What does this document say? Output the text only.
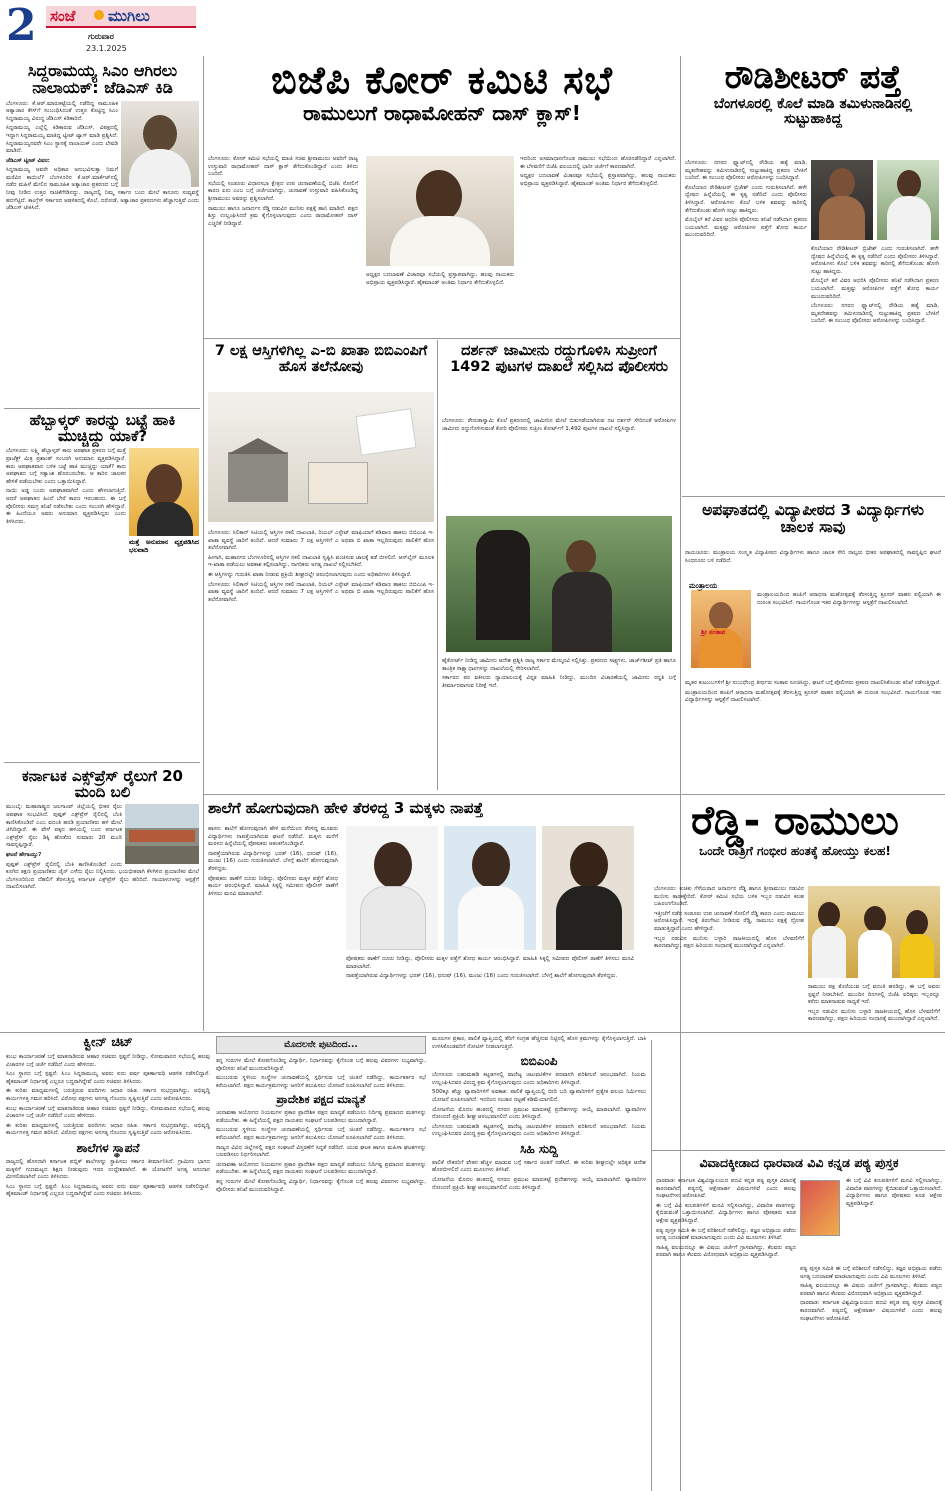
2 ಸಂಜೆ ಮುಗಿಲು
ಗುರುವಾರ
23.1.2025
ಸಿದ್ದರಾಮಯ್ಯ ಸಿಎಂ ಆಗಿರಲು ನಾಲಾಯಕ್: ಜೆಡಿಎಸ್ ಕಿಡಿ

ಬೆಂಗಳೂರು: ಕೆ.ಆರ್.ಮಾರುಕಟ್ಟೆಯಲ್ಲಿ ನಡೆದಿದ್ದ ಸಾಮೂಹಿಕ ಅತ್ಯಾಚಾರ ಕೇಸ್‌ಗೆ ಸಂಬಂಧಿಸಿದಂತೆ ಉತ್ತರ ಕೊಟ್ಟಿದ್ದ ಸಿಎಂ ಸಿದ್ದರಾಮಯ್ಯ ವಿರುದ್ಧ ಜೆಡಿಎಸ್ ಕಿಡಿಕಾರಿದೆ.

ಸಿದ್ದರಾಮಯ್ಯ ಎಲ್ಲೆಲ್ಲಿ ಕಿಡಿಕಾರುವ ಜೆಡಿಎಸ್, ವಿಪಕ್ಷದಲ್ಲಿ ಇದ್ದಾಗ ಸಿದ್ದರಾಮಯ್ಯ ಮಾತಿದ್ದ ಟ್ವೀಟ್ ಟ್ಯಾಗ್ ಮಾಡಿ ಪ್ರಶ್ನಿಸಿದೆ. ಸಿದ್ದರಾಮಯ್ಯನವರೇ ಸಿಎಂ ಸ್ಥಾನಕ್ಕೆ ನಾಲಾಯಕ್ ಎಂದು ಲೇವಡಿ ಮಾಡಿದೆ.

ಜೆಡಿಎಸ್ ಟ್ವೀಟ್ ವಿವರ:

ಸಿದ್ದರಾಮಯ್ಯ ಅವರೇ ಅಧಿಕಾರ ಅನುಭವಿಸುತ್ತಾ ನಿಮಗೆ ಮರೆವಿನ ಕಾಯಿಲೆ? ಬೆಂಗಳೂರಿನ ಕೆ.ಆರ್.ಮಾರ್ಕೆಟ್‌ನಲ್ಲಿ ನಡೆದ ಮಹಿಳೆ ಮೇಲಿನ ಸಾಮೂಹಿಕ ಅತ್ಯಾಚಾರ ಪ್ರಕರಣದ ಬಗ್ಗೆ ನೀವು ನೀಡಿದ ಉತ್ತರ ನಾಚಿಕೆಗೇಡಿನದ್ದು. ರಾಜ್ಯದಲ್ಲಿ ನಿಮ್ಮ ಸರ್ಕಾರ ಬಂದ ಮೇಲೆ ಕಾನೂನು ಸುವ್ಯವಸ್ಥೆ ಹದಗೆಟ್ಟಿದೆ. ಕಾಂಗ್ರೆಸ್ ಸರ್ಕಾರದ ಆಡಳಿತದಲ್ಲಿ ಕೊಲೆ, ದರೋಡೆ, ಅತ್ಯಾಚಾರ ಪ್ರಕರಣಗಳು ಹೆಚ್ಚಾಗುತ್ತಿವೆ ಎಂದು ಜೆಡಿಎಸ್ ಟೀಕಿಸಿದೆ.

ಹೆಬ್ಬಾಳ್ಕರ್ ಕಾರನ್ನು ಬಟ್ಟೆ ಹಾಕಿ ಮುಚ್ಚಿದ್ದು ಯಾಕೆ?
ಮತ್ತೆ ಅನುಮಾನ ವ್ಯಕ್ತಪಡಿಸಿದ ಭಲವಾದಿ

ಬೆಂಗಳೂರು: ಲಕ್ಷ್ಮಿ ಹೆಬ್ಬಾಳ್ಕರ್ ಕಾರು ಅಪಘಾತ ಪ್ರಕರಣ ಬಗ್ಗೆ ಮತ್ತೆ ಪ್ರಾಜೆಕ್ಟ್ ಮಿತ್ರ ಪ್ರಶಾಂತ್ ಸಂಬರಗಿ ಅನುಮಾನ ವ್ಯಕ್ತಪಡಿಸಿದ್ದಾರೆ. ಕಾರು ಅಪಘಾತವಾದ ಬಳಿಕ ಬಟ್ಟೆ ಹಾಕಿ ಮುಚ್ಚಿದ್ದು ಯಾಕೆ? ಕಾರು ಅಪಘಾತದ ಬಗ್ಗೆ ಸತ್ಯಾಂಶ ಹೊರಬರಬೇಕು. ಆ ಕಾರಿನ ಚಾಲಕನ ಹೇಳಿಕೆ ಪಡೆಯಬೇಕು ಎಂದು ಒತ್ತಾಯಿಸಿದ್ದಾರೆ.

ನಾಯಿ ಅಡ್ಡ ಬಂದು ಅಪಘಾತವಾಗಿದೆ ಎಂದು ಹೇಳಲಾಗುತ್ತಿದೆ. ಆದರೆ ಅಪಘಾತದ ಹಿಂದೆ ಬೇರೆ ಕಾರಣ ಇರಬಹುದು. ಈ ಬಗ್ಗೆ ಪೊಲೀಸರು ಸಮಗ್ರ ತನಿಖೆ ನಡೆಸಬೇಕು ಎಂದು ಸಂಬರಗಿ ಹೇಳಿದ್ದಾರೆ. ಈ ಹಿಂದೆಯೂ ಅವರು ಅನುಮಾನ ವ್ಯಕ್ತಪಡಿಸಿದ್ದರು ಎಂದು ತಿಳಿಸಿದರು.

ಕರ್ನಾಟಕ ಎಕ್ಸ್‌ಪ್ರೆಸ್ ರೈಲುಗೆ 20 ಮಂದಿ ಬಲಿ

ಮುಂಬೈ: ಮಹಾರಾಷ್ಟ್ರದ ಜಲಗಾಂವ್ ಜಿಲ್ಲೆಯಲ್ಲಿ ಭೀಕರ ರೈಲು ಅಪಘಾತ ಸಂಭವಿಸಿದೆ. ಪುಷ್ಪಕ್ ಎಕ್ಸ್‌ಪ್ರೆಸ್ ರೈಲಿನಲ್ಲಿ ಬೆಂಕಿ ಕಾಣಿಸಿಕೊಂಡಿದೆ ಎಂಬ ವದಂತಿ ಹರಡಿ ಪ್ರಯಾಣಿಕರು ಹಳಿ ಮೇಲೆ ಜಿಗಿದಿದ್ದಾರೆ. ಈ ವೇಳೆ ಪಕ್ಕದ ಹಳಿಯಲ್ಲಿ ಬಂದ ಕರ್ನಾಟಕ ಎಕ್ಸ್‌ಪ್ರೆಸ್ ರೈಲು ಡಿಕ್ಕಿ ಹೊಡೆದು ಸುಮಾರು 20 ಮಂದಿ ಸಾವನ್ನಪ್ಪಿದ್ದಾರೆ.

ಘಟನೆ ಹೇಗಾಯ್ತು?

ಪುಷ್ಪಕ್ ಎಕ್ಸ್‌ಪ್ರೆಸ್ ರೈಲಿನಲ್ಲಿ ಬೆಂಕಿ ಕಾಣಿಸಿಕೊಂಡಿದೆ ಎಂದು ಕೂಗಿದ ತಕ್ಷಣ ಪ್ರಯಾಣಿಕರು ಚೈನ್ ಎಳೆದು ರೈಲು ನಿಲ್ಲಿಸಿದರು. ಭಯಭೀತರಾಗಿ ಕೆಳಗಿಳಿದ ಪ್ರಯಾಣಿಕರ ಮೇಲೆ ಬೆಂಗಳೂರಿನಿಂದ ದೆಹಲಿಗೆ ತೆರಳುತ್ತಿದ್ದ ಕರ್ನಾಟಕ ಎಕ್ಸ್‌ಪ್ರೆಸ್ ರೈಲು ಹರಿದಿದೆ. ಗಾಯಾಳುಗಳನ್ನು ಆಸ್ಪತ್ರೆಗೆ ದಾಖಲಿಸಲಾಗಿದೆ.

ಬಿಜೆಪಿ ಕೋರ್ ಕಮಿಟಿ ಸಭೆ
ರಾಮುಲುಗೆ ರಾಧಾಮೋಹನ್ ದಾಸ್ ಕ್ಲಾಸ್!

ಬೆಂಗಳೂರು: ಕೋರ್ ಕಮಿಟಿ ಸಭೆಯಲ್ಲಿ ಮಾಜಿ ಸಚಿವ ಶ್ರೀರಾಮುಲು ಅವರಿಗೆ ರಾಜ್ಯ ಉಸ್ತುವಾರಿ ರಾಧಾಮೋಹನ್ ದಾಸ್ ಕ್ಲಾಸ್ ತೆಗೆದುಕೊಂಡಿದ್ದಾರೆ ಎಂದು ತಿಳಿದು ಬಂದಿದೆ.

ಸಭೆಯಲ್ಲಿ ಸಂಡೂರು ವಿಧಾನಸಭಾ ಕ್ಷೇತ್ರದ ಉಪ ಚುನಾವಣೆಯಲ್ಲಿ ಬಿಜೆಪಿ ಸೋಲಿಗೆ ಕಾರಣ ಏನು ಎಂಬ ಬಗ್ಗೆ ಚರ್ಚೆಯಾಗಿದ್ದು, ಚುನಾವಣೆ ಉಸ್ತುವಾರಿ ವಹಿಸಿಕೊಂಡಿದ್ದ ಶ್ರೀರಾಮುಲು ಅವರನ್ನು ಪ್ರಶ್ನಿಸಲಾಗಿದೆ.

ರಾಮುಲು ಹಾಗೂ ಜನಾರ್ದನ ರೆಡ್ಡಿ ನಡುವಿನ ಮುನಿಸು ಪಕ್ಷಕ್ಕೆ ಹಾನಿ ಮಾಡಿದೆ. ಪಕ್ಷದ ಶಿಸ್ತು ಉಲ್ಲಂಘಿಸಿದರೆ ಕ್ರಮ ಕೈಗೊಳ್ಳಲಾಗುವುದು ಎಂದು ರಾಧಾಮೋಹನ್ ದಾಸ್ ಎಚ್ಚರಿಕೆ ನೀಡಿದ್ದಾರೆ.

ಇದರಿಂದ ಅಸಮಾಧಾನಗೊಂಡ ರಾಮುಲು ಸಭೆಯಿಂದ ಹೊರನಡೆದಿದ್ದಾರೆ ಎನ್ನಲಾಗಿದೆ. ಈ ಬೆಳವಣಿಗೆ ಬಿಜೆಪಿ ವಲಯದಲ್ಲಿ ಭಾರೀ ಚರ್ಚೆಗೆ ಕಾರಣವಾಗಿದೆ.

ಅಧ್ಯಕ್ಷರ ಬದಲಾವಣೆ ವಿಚಾರವೂ ಸಭೆಯಲ್ಲಿ ಪ್ರಸ್ತಾಪವಾಗಿದ್ದು, ಹಲವು ನಾಯಕರು ಅಭಿಪ್ರಾಯ ವ್ಯಕ್ತಪಡಿಸಿದ್ದಾರೆ. ಹೈಕಮಾಂಡ್ ಅಂತಿಮ ನಿರ್ಧಾರ ತೆಗೆದುಕೊಳ್ಳಲಿದೆ.

ಅಧ್ಯಕ್ಷರ ಬದಲಾವಣೆ ವಿಚಾರವೂ ಸಭೆಯಲ್ಲಿ ಪ್ರಸ್ತಾಪವಾಗಿದ್ದು, ಹಲವು ನಾಯಕರು ಅಭಿಪ್ರಾಯ ವ್ಯಕ್ತಪಡಿಸಿದ್ದಾರೆ. ಹೈಕಮಾಂಡ್ ಅಂತಿಮ ನಿರ್ಧಾರ ತೆಗೆದುಕೊಳ್ಳಲಿದೆ.

ರೌಡಿಶೀಟರ್ ಪತ್ತೆ
ಬೆಂಗಳೂರಲ್ಲಿ ಕೊಲೆ ಮಾಡಿ ತಮಿಳುನಾಡಿನಲ್ಲಿ ಸುಟ್ಟುಹಾಕಿದ್ದ

ಬೆಂಗಳೂರು: ನಗರದ ಫ್ಲ್ಯಾಟ್‌ನಲ್ಲಿ ರೌಡಿಯ ಹತ್ಯೆ ಮಾಡಿ, ಮೃತದೇಹವನ್ನು ತಮಿಳುನಾಡಿನಲ್ಲಿ ಸುಟ್ಟುಹಾಕಿದ್ದ ಪ್ರಕರಣ ಬೆಳಕಿಗೆ ಬಂದಿದೆ. ಈ ಸಂಬಂಧ ಪೊಲೀಸರು ಆರೋಪಿಗಳನ್ನು ಬಂಧಿಸಿದ್ದಾರೆ.

ಕೊಲೆಯಾದ ರೌಡಿಶೀಟರ್ ಬ್ರಿಜೇಶ್ ಎಂದು ಗುರುತಿಸಲಾಗಿದೆ. ಹಳೇ ದ್ವೇಷದ ಹಿನ್ನೆಲೆಯಲ್ಲಿ ಈ ಕೃತ್ಯ ನಡೆದಿದೆ ಎಂದು ಪೊಲೀಸರು ತಿಳಿಸಿದ್ದಾರೆ. ಆರೋಪಿಗಳು ಕೊಲೆ ಬಳಿಕ ಶವವನ್ನು ಕಾರಿನಲ್ಲಿ ತೆಗೆದುಕೊಂಡು ಹೋಗಿ ಸುಟ್ಟು ಹಾಕಿದ್ದರು.

ಮೊಬೈಲ್ ಕರೆ ವಿವರ ಆಧರಿಸಿ ಪೊಲೀಸರು ತನಿಖೆ ನಡೆಸಿದಾಗ ಪ್ರಕರಣ ಬಯಲಾಗಿದೆ. ಮತ್ತಷ್ಟು ಆರೋಪಿಗಳ ಪತ್ತೆಗೆ ಶೋಧ ಕಾರ್ಯ ಮುಂದುವರಿದಿದೆ.

ಕೊಲೆಯಾದ ರೌಡಿಶೀಟರ್ ಬ್ರಿಜೇಶ್ ಎಂದು ಗುರುತಿಸಲಾಗಿದೆ. ಹಳೇ ದ್ವೇಷದ ಹಿನ್ನೆಲೆಯಲ್ಲಿ ಈ ಕೃತ್ಯ ನಡೆದಿದೆ ಎಂದು ಪೊಲೀಸರು ತಿಳಿಸಿದ್ದಾರೆ. ಆರೋಪಿಗಳು ಕೊಲೆ ಬಳಿಕ ಶವವನ್ನು ಕಾರಿನಲ್ಲಿ ತೆಗೆದುಕೊಂಡು ಹೋಗಿ ಸುಟ್ಟು ಹಾಕಿದ್ದರು.

ಮೊಬೈಲ್ ಕರೆ ವಿವರ ಆಧರಿಸಿ ಪೊಲೀಸರು ತನಿಖೆ ನಡೆಸಿದಾಗ ಪ್ರಕರಣ ಬಯಲಾಗಿದೆ. ಮತ್ತಷ್ಟು ಆರೋಪಿಗಳ ಪತ್ತೆಗೆ ಶೋಧ ಕಾರ್ಯ ಮುಂದುವರಿದಿದೆ.

ಬೆಂಗಳೂರು: ನಗರದ ಫ್ಲ್ಯಾಟ್‌ನಲ್ಲಿ ರೌಡಿಯ ಹತ್ಯೆ ಮಾಡಿ, ಮೃತದೇಹವನ್ನು ತಮಿಳುನಾಡಿನಲ್ಲಿ ಸುಟ್ಟುಹಾಕಿದ್ದ ಪ್ರಕರಣ ಬೆಳಕಿಗೆ ಬಂದಿದೆ. ಈ ಸಂಬಂಧ ಪೊಲೀಸರು ಆರೋಪಿಗಳನ್ನು ಬಂಧಿಸಿದ್ದಾರೆ.

7 ಲಕ್ಷ ಆಸ್ತಿಗಳಿಗಿಲ್ಲ ಎ-ಬಿ ಖಾತಾ ಬಿಬಿಎಂಪಿಗೆ ಹೊಸ ತಲೆನೋವು

ಬೆಂಗಳೂರು: ಸಿಲಿಕಾನ್ ಸಿಟಿಯಲ್ಲಿ ಆಸ್ತಿಗಳ ನಕಲಿ ದಾಖಲಾತಿ, ರಿಯಲ್ ಎಸ್ಟೇಟ್ ಮಾಫಿಯಾಗೆ ಕಡಿವಾಣ ಹಾಕಲು ಬಿಬಿಎಂಪಿ ಇ-ಖಾತಾ ವ್ಯವಸ್ಥೆ ಜಾರಿಗೆ ತಂದಿದೆ. ಆದರೆ ಸುಮಾರು 7 ಲಕ್ಷ ಆಸ್ತಿಗಳಿಗೆ ಎ ಅಥವಾ ಬಿ ಖಾತಾ ಇಲ್ಲದಿರುವುದು ಪಾಲಿಕೆಗೆ ಹೊಸ ತಲೆನೋವಾಗಿದೆ.

ಹೀಗಾಗಿ, ಮಹಾನಗರ ಬೆಂಗಳೂರಿನಲ್ಲಿ ಆಸ್ತಿಗಳ ನಕಲಿ ದಾಖಲಾತಿ ಸೃಷ್ಟಿಸಿ ವಂಚಿಸುವ ಜಾಲಕ್ಕೆ ತಡೆ ಬೀಳಲಿದೆ. ಆನ್‌ಲೈನ್ ಮೂಲಕ ಇ-ಖಾತಾ ಪಡೆಯಲು ಅವಕಾಶ ಕಲ್ಪಿಸಲಾಗಿದ್ದು, ನಾಗರಿಕರು ಅಗತ್ಯ ದಾಖಲೆ ಸಲ್ಲಿಸಬೇಕಿದೆ.

ಈ ಆಸ್ತಿಗಳನ್ನು ಗುರುತಿಸಿ ಖಾತಾ ನೀಡುವ ಪ್ರಕ್ರಿಯೆ ಶೀಘ್ರದಲ್ಲೇ ಆರಂಭಿಸಲಾಗುವುದು ಎಂದು ಅಧಿಕಾರಿಗಳು ತಿಳಿಸಿದ್ದಾರೆ.

ಬೆಂಗಳೂರು: ಸಿಲಿಕಾನ್ ಸಿಟಿಯಲ್ಲಿ ಆಸ್ತಿಗಳ ನಕಲಿ ದಾಖಲಾತಿ, ರಿಯಲ್ ಎಸ್ಟೇಟ್ ಮಾಫಿಯಾಗೆ ಕಡಿವಾಣ ಹಾಕಲು ಬಿಬಿಎಂಪಿ ಇ-ಖಾತಾ ವ್ಯವಸ್ಥೆ ಜಾರಿಗೆ ತಂದಿದೆ. ಆದರೆ ಸುಮಾರು 7 ಲಕ್ಷ ಆಸ್ತಿಗಳಿಗೆ ಎ ಅಥವಾ ಬಿ ಖಾತಾ ಇಲ್ಲದಿರುವುದು ಪಾಲಿಕೆಗೆ ಹೊಸ ತಲೆನೋವಾಗಿದೆ.

ದರ್ಶನ್ ಜಾಮೀನು ರದ್ದುಗೊಳಿಸಿ ಸುಪ್ರೀಂಗೆ 1492 ಪುಟಗಳ ದಾಖಲೆ ಸಲ್ಲಿಸಿದ ಪೊಲೀಸರು

ಬೆಂಗಳೂರು: ರೇಣುಕಾಸ್ವಾಮಿ ಕೊಲೆ ಪ್ರಕರಣದಲ್ಲಿ ಜಾಮೀನಿನ ಮೇಲೆ ಬಿಡುಗಡೆಯಾಗಿರುವ ನಟ ದರ್ಶನ್ ಸೇರಿದಂತೆ ಆರೋಪಿಗಳ ಜಾಮೀನು ರದ್ದುಗೊಳಿಸುವಂತೆ ಕೋರಿ ಪೊಲೀಸರು ಸುಪ್ರೀಂ ಕೋರ್ಟ್‌ಗೆ 1,492 ಪುಟಗಳ ದಾಖಲೆ ಸಲ್ಲಿಸಿದ್ದಾರೆ.

ಹೈಕೋರ್ಟ್ ನೀಡಿದ್ದ ಜಾಮೀನು ಆದೇಶ ಪ್ರಶ್ನಿಸಿ ರಾಜ್ಯ ಸರ್ಕಾರ ಮೇಲ್ಮನವಿ ಸಲ್ಲಿಸಿತ್ತು. ಪ್ರಕರಣದ ಸಾಕ್ಷ್ಯಗಳು, ಚಾರ್ಜ್‌ಶೀಟ್ ಪ್ರತಿ ಹಾಗೂ ತಾಂತ್ರಿಕ ಸಾಕ್ಷ್ಯಾಧಾರಗಳನ್ನು ದಾಖಲೆಯಲ್ಲಿ ಸೇರಿಸಲಾಗಿದೆ.

ಸರ್ಕಾರದ ಪರ ವಕೀಲರು ನ್ಯಾಯಾಲಯಕ್ಕೆ ವಿಸ್ತೃತ ಮಾಹಿತಿ ನೀಡಿದ್ದು, ಮುಂದಿನ ವಿಚಾರಣೆಯಲ್ಲಿ ಜಾಮೀನು ರದ್ದತಿ ಬಗ್ಗೆ ತೀರ್ಮಾನವಾಗುವ ನಿರೀಕ್ಷೆ ಇದೆ.

ಅಪಘಾತದಲ್ಲಿ ವಿದ್ಯಾಪೀಠದ 3 ವಿದ್ಯಾರ್ಥಿಗಳು ಚಾಲಕ ಸಾವು

ರಾಯಚೂರು: ಮಂತ್ರಾಲಯ ಸಂಸ್ಕೃತ ವಿದ್ಯಾಪೀಠದ ವಿದ್ಯಾರ್ಥಿಗಳು ಹಾಗೂ ಚಾಲಕ ಸೇರಿ ನಾಲ್ವರು ಭೀಕರ ಅಪಘಾತದಲ್ಲಿ ಸಾವನ್ನಪ್ಪಿದ ಘಟನೆ ಸಿಂಧನೂರು ಬಳಿ ನಡೆದಿದೆ.

ಮಂತ್ರಾಲಯ
ಶ್ರೀ ಸಂತಾಪ

ಮಂತ್ರಾಲಯದಿಂದ ಹಂಪಿಗೆ ಆರಾಧನಾ ಮಹೋತ್ಸವಕ್ಕೆ ತೆರಳುತ್ತಿದ್ದ ಕ್ರೂಸರ್ ವಾಹನ ಪಲ್ಟಿಯಾಗಿ ಈ ದುರಂತ ಸಂಭವಿಸಿದೆ. ಗಾಯಗೊಂಡ ಇತರ ವಿದ್ಯಾರ್ಥಿಗಳನ್ನು ಆಸ್ಪತ್ರೆಗೆ ದಾಖಲಿಸಲಾಗಿದೆ.

ಮೃತರ ಕುಟುಂಬಗಳಿಗೆ ಶ್ರೀ ಸುಬುಧೇಂದ್ರ ತೀರ್ಥರು ಸಂತಾಪ ಸೂಚಿಸಿದ್ದು, ಘಟನೆ ಬಗ್ಗೆ ಪೊಲೀಸರು ಪ್ರಕರಣ ದಾಖಲಿಸಿಕೊಂಡು ತನಿಖೆ ನಡೆಸುತ್ತಿದ್ದಾರೆ.

ಮಂತ್ರಾಲಯದಿಂದ ಹಂಪಿಗೆ ಆರಾಧನಾ ಮಹೋತ್ಸವಕ್ಕೆ ತೆರಳುತ್ತಿದ್ದ ಕ್ರೂಸರ್ ವಾಹನ ಪಲ್ಟಿಯಾಗಿ ಈ ದುರಂತ ಸಂಭವಿಸಿದೆ. ಗಾಯಗೊಂಡ ಇತರ ವಿದ್ಯಾರ್ಥಿಗಳನ್ನು ಆಸ್ಪತ್ರೆಗೆ ದಾಖಲಿಸಲಾಗಿದೆ.

ಶಾಲೆಗೆ ಹೋಗುವುದಾಗಿ ಹೇಳಿ ತೆರಳಿದ್ದ 3 ಮಕ್ಕಳು ನಾಪತ್ತೆ

ಹಾಸನ: ಶಾಲೆಗೆ ಹೋಗುವುದಾಗಿ ಹೇಳಿ ಮನೆಯಿಂದ ತೆರಳಿದ್ದ ಮೂವರು ವಿದ್ಯಾರ್ಥಿಗಳು ನಾಪತ್ತೆಯಾಗಿರುವ ಘಟನೆ ನಡೆದಿದೆ. ಮಕ್ಕಳು ಮನೆಗೆ ಮರಳದ ಹಿನ್ನೆಲೆಯಲ್ಲಿ ಪೋಷಕರು ಆತಂಕಗೊಂಡಿದ್ದಾರೆ.

ನಾಪತ್ತೆಯಾಗಿರುವ ವಿದ್ಯಾರ್ಥಿಗಳನ್ನು ಭರತ್ (16), ಧನುಷ್ (16), ಮಂಜು (16) ಎಂದು ಗುರುತಿಸಲಾಗಿದೆ. ಬೆಳಗ್ಗೆ ಶಾಲೆಗೆ ಹೋಗುವುದಾಗಿ ತೆರಳಿದ್ದರು.

ಪೋಷಕರು ಠಾಣೆಗೆ ದೂರು ನೀಡಿದ್ದು, ಪೊಲೀಸರು ಮಕ್ಕಳ ಪತ್ತೆಗೆ ಶೋಧ ಕಾರ್ಯ ಆರಂಭಿಸಿದ್ದಾರೆ. ಮಾಹಿತಿ ಸಿಕ್ಕಲ್ಲಿ ಸಮೀಪದ ಪೊಲೀಸ್ ಠಾಣೆಗೆ ತಿಳಿಸಲು ಮನವಿ ಮಾಡಲಾಗಿದೆ.

ಪೋಷಕರು ಠಾಣೆಗೆ ದೂರು ನೀಡಿದ್ದು, ಪೊಲೀಸರು ಮಕ್ಕಳ ಪತ್ತೆಗೆ ಶೋಧ ಕಾರ್ಯ ಆರಂಭಿಸಿದ್ದಾರೆ. ಮಾಹಿತಿ ಸಿಕ್ಕಲ್ಲಿ ಸಮೀಪದ ಪೊಲೀಸ್ ಠಾಣೆಗೆ ತಿಳಿಸಲು ಮನವಿ ಮಾಡಲಾಗಿದೆ.

ನಾಪತ್ತೆಯಾಗಿರುವ ವಿದ್ಯಾರ್ಥಿಗಳನ್ನು ಭರತ್ (16), ಧನುಷ್ (16), ಮಂಜು (16) ಎಂದು ಗುರುತಿಸಲಾಗಿದೆ. ಬೆಳಗ್ಗೆ ಶಾಲೆಗೆ ಹೋಗುವುದಾಗಿ ತೆರಳಿದ್ದರು.

ರೆಡ್ಡಿ- ರಾಮುಲು
ಒಂದೇ ರಾತ್ರಿಗೆ ಗಂಭೀರ ಹಂತಕ್ಕೆ ಹೋಯ್ತು ಕಲಹ!

ಬೆಂಗಳೂರು: ಕುಚಿಕು ಗೆಳೆಯರಾದ ಜನಾರ್ದನ ರೆಡ್ಡಿ ಹಾಗೂ ಶ್ರೀರಾಮುಲು ನಡುವಿನ ಮುನಿಸು ತಾರಕಕ್ಕೇರಿದೆ. ಕೋರ್ ಕಮಿಟಿ ಸಭೆಯ ಬಳಿಕ ಇಬ್ಬರ ನಡುವಿನ ಕಲಹ ಬಹಿರಂಗಗೊಂಡಿದೆ.

ಇತ್ತೀಚೆಗೆ ನಡೆದ ಸಂಡೂರು ಉಪ ಚುನಾವಣೆ ಸೋಲಿಗೆ ರೆಡ್ಡಿ ಕಾರಣ ಎಂದು ರಾಮುಲು ಆರೋಪಿಸಿದ್ದಾರೆ. ಇದಕ್ಕೆ ತಿರುಗೇಟು ನೀಡಿರುವ ರೆಡ್ಡಿ, ರಾಮುಲು ಪಕ್ಷಕ್ಕೆ ದ್ರೋಹ ಮಾಡುತ್ತಿದ್ದಾರೆ ಎಂದು ಹೇಳಿದ್ದಾರೆ.

ಇಬ್ಬರ ನಡುವಿನ ಮುನಿಸು ಬಳ್ಳಾರಿ ರಾಜಕೀಯದಲ್ಲಿ ಹೊಸ ಬೆಳವಣಿಗೆಗೆ ಕಾರಣವಾಗಿದ್ದು, ಪಕ್ಷದ ಹಿರಿಯರು ಸಂಧಾನಕ್ಕೆ ಮುಂದಾಗಿದ್ದಾರೆ ಎನ್ನಲಾಗಿದೆ.

ರಾಮುಲು ಪಕ್ಷ ತೊರೆಯುವ ಬಗ್ಗೆ ವದಂತಿ ಹರಡಿದ್ದು, ಈ ಬಗ್ಗೆ ಅವರು ಸ್ಪಷ್ಟನೆ ನೀಡಬೇಕಿದೆ. ಮುಂದಿನ ದಿನಗಳಲ್ಲಿ ಬಿಜೆಪಿ ವರಿಷ್ಠರು ಇಬ್ಬರನ್ನೂ ಕರೆದು ಮಾತನಾಡುವ ಸಾಧ್ಯತೆ ಇದೆ.

ಇಬ್ಬರ ನಡುವಿನ ಮುನಿಸು ಬಳ್ಳಾರಿ ರಾಜಕೀಯದಲ್ಲಿ ಹೊಸ ಬೆಳವಣಿಗೆಗೆ ಕಾರಣವಾಗಿದ್ದು, ಪಕ್ಷದ ಹಿರಿಯರು ಸಂಧಾನಕ್ಕೆ ಮುಂದಾಗಿದ್ದಾರೆ ಎನ್ನಲಾಗಿದೆ.

ಕ್ವೀನ್ ಚಿಟ್

ಕುಂಭ ಕಾರ್ಯಾಚರಣೆ ಬಗ್ಗೆ ಮಾತನಾಡಿರುವ ಆಹಾರ ಸಚಿವರು ಸ್ಪಷ್ಟನೆ ನೀಡಿದ್ದು, ಸೋಮವಾರದ ಸಭೆಯಲ್ಲಿ ಹಲವು ವಿಚಾರಗಳ ಬಗ್ಗೆ ಚರ್ಚೆ ನಡೆದಿದೆ ಎಂದು ಹೇಳಿದರು.

ಸಿಎಂ ಸ್ಥಾನದ ಬಗ್ಗೆ ಸ್ಪಷ್ಟನೆ: ಸಿಎಂ ಸಿದ್ದರಾಮಯ್ಯ ಅವರು ಐದು ವರ್ಷ ಪೂರ್ಣಾವಧಿ ಆಡಳಿತ ನಡೆಸಲಿದ್ದಾರೆ. ಹೈಕಮಾಂಡ್ ನಿರ್ಧಾರಕ್ಕೆ ಎಲ್ಲರೂ ಬದ್ಧರಾಗಿದ್ದೇವೆ ಎಂದು ಸಚಿವರು ತಿಳಿಸಿದರು.

ಈ ಕುರಿತು ಮಾಧ್ಯಮಗಳಲ್ಲಿ ಬರುತ್ತಿರುವ ವರದಿಗಳು ಆಧಾರ ರಹಿತ. ಸರ್ಕಾರ ಸುಭದ್ರವಾಗಿದ್ದು, ಅಭಿವೃದ್ಧಿ ಕಾರ್ಯಗಳತ್ತ ಗಮನ ಹರಿಸಿದೆ. ವಿರೋಧ ಪಕ್ಷಗಳು ಅನಗತ್ಯ ಗೊಂದಲ ಸೃಷ್ಟಿಸುತ್ತಿವೆ ಎಂದು ಆರೋಪಿಸಿದರು.

ಕುಂಭ ಕಾರ್ಯಾಚರಣೆ ಬಗ್ಗೆ ಮಾತನಾಡಿರುವ ಆಹಾರ ಸಚಿವರು ಸ್ಪಷ್ಟನೆ ನೀಡಿದ್ದು, ಸೋಮವಾರದ ಸಭೆಯಲ್ಲಿ ಹಲವು ವಿಚಾರಗಳ ಬಗ್ಗೆ ಚರ್ಚೆ ನಡೆದಿದೆ ಎಂದು ಹೇಳಿದರು.

ಈ ಕುರಿತು ಮಾಧ್ಯಮಗಳಲ್ಲಿ ಬರುತ್ತಿರುವ ವರದಿಗಳು ಆಧಾರ ರಹಿತ. ಸರ್ಕಾರ ಸುಭದ್ರವಾಗಿದ್ದು, ಅಭಿವೃದ್ಧಿ ಕಾರ್ಯಗಳತ್ತ ಗಮನ ಹರಿಸಿದೆ. ವಿರೋಧ ಪಕ್ಷಗಳು ಅನಗತ್ಯ ಗೊಂದಲ ಸೃಷ್ಟಿಸುತ್ತಿವೆ ಎಂದು ಆರೋಪಿಸಿದರು.

ಶಾಲೆಗಳ ಸ್ಥಾಪನೆ

ರಾಜ್ಯದಲ್ಲಿ ಹೊಸದಾಗಿ ಕರ್ನಾಟಕ ಪಬ್ಲಿಕ್ ಶಾಲೆಗಳನ್ನು ಸ್ಥಾಪಿಸಲು ಸರ್ಕಾರ ತೀರ್ಮಾನಿಸಿದೆ. ಗ್ರಾಮೀಣ ಭಾಗದ ಮಕ್ಕಳಿಗೆ ಗುಣಮಟ್ಟದ ಶಿಕ್ಷಣ ನೀಡುವುದು ಇದರ ಉದ್ದೇಶವಾಗಿದೆ. ಈ ಯೋಜನೆಗೆ ಅಗತ್ಯ ಅನುದಾನ ಮೀಸಲಿಡಲಾಗಿದೆ ಎಂದು ತಿಳಿಸಿದರು.

ಸಿಎಂ ಸ್ಥಾನದ ಬಗ್ಗೆ ಸ್ಪಷ್ಟನೆ: ಸಿಎಂ ಸಿದ್ದರಾಮಯ್ಯ ಅವರು ಐದು ವರ್ಷ ಪೂರ್ಣಾವಧಿ ಆಡಳಿತ ನಡೆಸಲಿದ್ದಾರೆ. ಹೈಕಮಾಂಡ್ ನಿರ್ಧಾರಕ್ಕೆ ಎಲ್ಲರೂ ಬದ್ಧರಾಗಿದ್ದೇವೆ ಎಂದು ಸಚಿವರು ತಿಳಿಸಿದರು.

ಮೊದಲನೇ ಪುಟದಿಂದ...

ತನ್ನ ಗುರುಗಳ ಮೇಲೆ ಕೋಪಗೊಂಡಿದ್ದ ವಿದ್ಯಾರ್ಥಿ, ನಿರ್ಧಾರವನ್ನು ಕೈಗೊಂಡ ಬಗ್ಗೆ ಹಲವು ವಿವರಗಳು ಲಭ್ಯವಾಗಿದ್ದು, ಪೊಲೀಸರು ತನಿಖೆ ಮುಂದುವರಿಸಿದ್ದಾರೆ.

ಮುಂಬರುವ ಸ್ಥಳೀಯ ಸಂಸ್ಥೆಗಳ ಚುನಾವಣೆಯಲ್ಲಿ ಸ್ಪರ್ಧಿಸುವ ಬಗ್ಗೆ ಚಿಂತನೆ ನಡೆದಿದ್ದು, ಕಾರ್ಯಕರ್ತರ ಸಭೆ ಕರೆಯಲಾಗಿದೆ. ಪಕ್ಷದ ಕಾರ್ಯಕ್ರಮಗಳನ್ನು ಜನರಿಗೆ ತಲುಪಿಸಲು ಯೋಜನೆ ರೂಪಿಸಲಾಗಿದೆ ಎಂದು ತಿಳಿಸಿದರು.

ಪ್ರಾದೇಶಿಕ ಪಕ್ಷದ ಮಾನ್ಯತೆ

ಚುನಾವಣಾ ಆಯೋಗದ ನಿಯಮಗಳ ಪ್ರಕಾರ ಪ್ರಾದೇಶಿಕ ಪಕ್ಷದ ಮಾನ್ಯತೆ ಪಡೆಯಲು ನಿರ್ದಿಷ್ಟ ಪ್ರಮಾಣದ ಮತಗಳನ್ನು ಪಡೆಯಬೇಕು. ಈ ಹಿನ್ನೆಲೆಯಲ್ಲಿ ಪಕ್ಷದ ನಾಯಕರು ಸಂಘಟನೆ ಬಲಪಡಿಸಲು ಮುಂದಾಗಿದ್ದಾರೆ.

ಮುಂಬರುವ ಸ್ಥಳೀಯ ಸಂಸ್ಥೆಗಳ ಚುನಾವಣೆಯಲ್ಲಿ ಸ್ಪರ್ಧಿಸುವ ಬಗ್ಗೆ ಚಿಂತನೆ ನಡೆದಿದ್ದು, ಕಾರ್ಯಕರ್ತರ ಸಭೆ ಕರೆಯಲಾಗಿದೆ. ಪಕ್ಷದ ಕಾರ್ಯಕ್ರಮಗಳನ್ನು ಜನರಿಗೆ ತಲುಪಿಸಲು ಯೋಜನೆ ರೂಪಿಸಲಾಗಿದೆ ಎಂದು ತಿಳಿಸಿದರು.

ರಾಜ್ಯದ ವಿವಿಧ ಜಿಲ್ಲೆಗಳಲ್ಲಿ ಪಕ್ಷದ ಸಂಘಟನೆ ವಿಸ್ತರಣೆಗೆ ಸಿದ್ಧತೆ ನಡೆದಿದೆ. ಯುವ ಘಟಕ ಹಾಗೂ ಮಹಿಳಾ ಘಟಕಗಳನ್ನು ಬಲಪಡಿಸಲು ನಿರ್ಧರಿಸಲಾಗಿದೆ.

ಚುನಾವಣಾ ಆಯೋಗದ ನಿಯಮಗಳ ಪ್ರಕಾರ ಪ್ರಾದೇಶಿಕ ಪಕ್ಷದ ಮಾನ್ಯತೆ ಪಡೆಯಲು ನಿರ್ದಿಷ್ಟ ಪ್ರಮಾಣದ ಮತಗಳನ್ನು ಪಡೆಯಬೇಕು. ಈ ಹಿನ್ನೆಲೆಯಲ್ಲಿ ಪಕ್ಷದ ನಾಯಕರು ಸಂಘಟನೆ ಬಲಪಡಿಸಲು ಮುಂದಾಗಿದ್ದಾರೆ.

ತನ್ನ ಗುರುಗಳ ಮೇಲೆ ಕೋಪಗೊಂಡಿದ್ದ ವಿದ್ಯಾರ್ಥಿ, ನಿರ್ಧಾರವನ್ನು ಕೈಗೊಂಡ ಬಗ್ಗೆ ಹಲವು ವಿವರಗಳು ಲಭ್ಯವಾಗಿದ್ದು, ಪೊಲೀಸರು ತನಿಖೆ ಮುಂದುವರಿಸಿದ್ದಾರೆ.

ಮೂಲಗಳ ಪ್ರಕಾರ, ಪಾಲಿಕೆ ವ್ಯಾಪ್ತಿಯಲ್ಲಿ ತೆರಿಗೆ ಸಂಗ್ರಹ ಹೆಚ್ಚಿಸುವ ನಿಟ್ಟಿನಲ್ಲಿ ಹೊಸ ಕ್ರಮಗಳನ್ನು ಕೈಗೊಳ್ಳಲಾಗುತ್ತಿದೆ. ಬಾಕಿ ಉಳಿಸಿಕೊಂಡವರಿಗೆ ನೋಟಿಸ್ ನೀಡಲಾಗುತ್ತಿದೆ.

ಬಿಬಿಎಂಪಿ

ಬೆಂಗಳೂರು ಬಹುಮಹಡಿ ಕಟ್ಟಡಗಳಲ್ಲಿ ವಾಣಿಜ್ಯ ಚಟುವಟಿಕೆಗಳ ಪರವಾನಗಿ ಪರಿಶೀಲನೆ ಆರಂಭವಾಗಿದೆ. ನಿಯಮ ಉಲ್ಲಂಘಿಸಿದವರ ವಿರುದ್ಧ ಕ್ರಮ ಕೈಗೊಳ್ಳಲಾಗುವುದು ಎಂದು ಅಧಿಕಾರಿಗಳು ತಿಳಿಸಿದ್ದಾರೆ.

500ಕ್ಕೂ ಹೆಚ್ಚು ವ್ಯಾಪಾರಿಗಳಿಗೆ ಅವಕಾಶ: ಪಾಲಿಕೆ ವ್ಯಾಪ್ತಿಯಲ್ಲಿ ಬೀದಿ ಬದಿ ವ್ಯಾಪಾರಿಗಳಿಗೆ ಪ್ರತ್ಯೇಕ ವಲಯ ನಿರ್ಮಿಸಲು ಯೋಜನೆ ರೂಪಿಸಲಾಗಿದೆ. ಇದರಿಂದ ಸಂಚಾರ ದಟ್ಟಣೆ ಕಡಿಮೆಯಾಗಲಿದೆ.

ಯೋಜನೆಯ ಮೊದಲ ಹಂತದಲ್ಲಿ ನಗರದ ಪ್ರಮುಖ ಮಾರುಕಟ್ಟೆ ಪ್ರದೇಶಗಳನ್ನು ಆಯ್ಕೆ ಮಾಡಲಾಗಿದೆ. ವ್ಯಾಪಾರಿಗಳ ನೋಂದಣಿ ಪ್ರಕ್ರಿಯೆ ಶೀಘ್ರ ಆರಂಭವಾಗಲಿದೆ ಎಂದು ತಿಳಿಸಿದ್ದಾರೆ.

ಬೆಂಗಳೂರು ಬಹುಮಹಡಿ ಕಟ್ಟಡಗಳಲ್ಲಿ ವಾಣಿಜ್ಯ ಚಟುವಟಿಕೆಗಳ ಪರವಾನಗಿ ಪರಿಶೀಲನೆ ಆರಂಭವಾಗಿದೆ. ನಿಯಮ ಉಲ್ಲಂಘಿಸಿದವರ ವಿರುದ್ಧ ಕ್ರಮ ಕೈಗೊಳ್ಳಲಾಗುವುದು ಎಂದು ಅಧಿಕಾರಿಗಳು ತಿಳಿಸಿದ್ದಾರೆ.

ಸಿಹಿ ಸುದ್ದಿ

ಪಾಲಿಕೆ ನೌಕರರಿಗೆ ವೇತನ ಹೆಚ್ಚಳ ಮಾಡುವ ಬಗ್ಗೆ ಸರ್ಕಾರ ಚಿಂತನೆ ನಡೆಸಿದೆ. ಈ ಕುರಿತು ಶೀಘ್ರದಲ್ಲೇ ಅಧಿಕೃತ ಆದೇಶ ಹೊರಬೀಳಲಿದೆ ಎಂದು ಮೂಲಗಳು ತಿಳಿಸಿವೆ.

ಯೋಜನೆಯ ಮೊದಲ ಹಂತದಲ್ಲಿ ನಗರದ ಪ್ರಮುಖ ಮಾರುಕಟ್ಟೆ ಪ್ರದೇಶಗಳನ್ನು ಆಯ್ಕೆ ಮಾಡಲಾಗಿದೆ. ವ್ಯಾಪಾರಿಗಳ ನೋಂದಣಿ ಪ್ರಕ್ರಿಯೆ ಶೀಘ್ರ ಆರಂಭವಾಗಲಿದೆ ಎಂದು ತಿಳಿಸಿದ್ದಾರೆ.

ವಿವಾದಕ್ಕೀಡಾದ ಧಾರವಾಡ ವಿವಿ ಕನ್ನಡ ಪಠ್ಯ ಪುಸ್ತಕ

ಧಾರವಾಡ: ಕರ್ನಾಟಕ ವಿಶ್ವವಿದ್ಯಾಲಯದ ಪದವಿ ಕನ್ನಡ ಪಠ್ಯ ಪುಸ್ತಕ ವಿವಾದಕ್ಕೆ ಕಾರಣವಾಗಿದೆ. ಪಠ್ಯದಲ್ಲಿ ಆಕ್ಷೇಪಾರ್ಹ ವಿಷಯಗಳಿವೆ ಎಂದು ಹಲವು ಸಂಘಟನೆಗಳು ಆರೋಪಿಸಿವೆ.

ಈ ಬಗ್ಗೆ ವಿವಿ ಕುಲಪತಿಗಳಿಗೆ ಮನವಿ ಸಲ್ಲಿಸಲಾಗಿದ್ದು, ವಿವಾದಿತ ಪಾಠಗಳನ್ನು ಕೈಬಿಡುವಂತೆ ಒತ್ತಾಯಿಸಲಾಗಿದೆ. ವಿದ್ಯಾರ್ಥಿಗಳು ಹಾಗೂ ಪೋಷಕರು ಕೂಡ ಆಕ್ಷೇಪ ವ್ಯಕ್ತಪಡಿಸಿದ್ದಾರೆ.

ಪಠ್ಯ ಪುಸ್ತಕ ಸಮಿತಿ ಈ ಬಗ್ಗೆ ಪರಿಶೀಲನೆ ನಡೆಸಲಿದ್ದು, ತಜ್ಞರ ಅಭಿಪ್ರಾಯ ಪಡೆದು ಅಗತ್ಯ ಬದಲಾವಣೆ ಮಾಡಲಾಗುವುದು ಎಂದು ವಿವಿ ಮೂಲಗಳು ತಿಳಿಸಿವೆ.

ಸಾಹಿತ್ಯ ವಲಯದಲ್ಲೂ ಈ ವಿಷಯ ಚರ್ಚೆಗೆ ಗ್ರಾಸವಾಗಿದ್ದು, ಕೆಲವರು ಪಠ್ಯದ ಪರವಾಗಿ ಹಾಗೂ ಕೆಲವರು ವಿರೋಧವಾಗಿ ಅಭಿಪ್ರಾಯ ವ್ಯಕ್ತಪಡಿಸಿದ್ದಾರೆ.

ಈ ಬಗ್ಗೆ ವಿವಿ ಕುಲಪತಿಗಳಿಗೆ ಮನವಿ ಸಲ್ಲಿಸಲಾಗಿದ್ದು, ವಿವಾದಿತ ಪಾಠಗಳನ್ನು ಕೈಬಿಡುವಂತೆ ಒತ್ತಾಯಿಸಲಾಗಿದೆ. ವಿದ್ಯಾರ್ಥಿಗಳು ಹಾಗೂ ಪೋಷಕರು ಕೂಡ ಆಕ್ಷೇಪ ವ್ಯಕ್ತಪಡಿಸಿದ್ದಾರೆ.

ಪಠ್ಯ ಪುಸ್ತಕ ಸಮಿತಿ ಈ ಬಗ್ಗೆ ಪರಿಶೀಲನೆ ನಡೆಸಲಿದ್ದು, ತಜ್ಞರ ಅಭಿಪ್ರಾಯ ಪಡೆದು ಅಗತ್ಯ ಬದಲಾವಣೆ ಮಾಡಲಾಗುವುದು ಎಂದು ವಿವಿ ಮೂಲಗಳು ತಿಳಿಸಿವೆ.

ಸಾಹಿತ್ಯ ವಲಯದಲ್ಲೂ ಈ ವಿಷಯ ಚರ್ಚೆಗೆ ಗ್ರಾಸವಾಗಿದ್ದು, ಕೆಲವರು ಪಠ್ಯದ ಪರವಾಗಿ ಹಾಗೂ ಕೆಲವರು ವಿರೋಧವಾಗಿ ಅಭಿಪ್ರಾಯ ವ್ಯಕ್ತಪಡಿಸಿದ್ದಾರೆ.

ಧಾರವಾಡ: ಕರ್ನಾಟಕ ವಿಶ್ವವಿದ್ಯಾಲಯದ ಪದವಿ ಕನ್ನಡ ಪಠ್ಯ ಪುಸ್ತಕ ವಿವಾದಕ್ಕೆ ಕಾರಣವಾಗಿದೆ. ಪಠ್ಯದಲ್ಲಿ ಆಕ್ಷೇಪಾರ್ಹ ವಿಷಯಗಳಿವೆ ಎಂದು ಹಲವು ಸಂಘಟನೆಗಳು ಆರೋಪಿಸಿವೆ.
